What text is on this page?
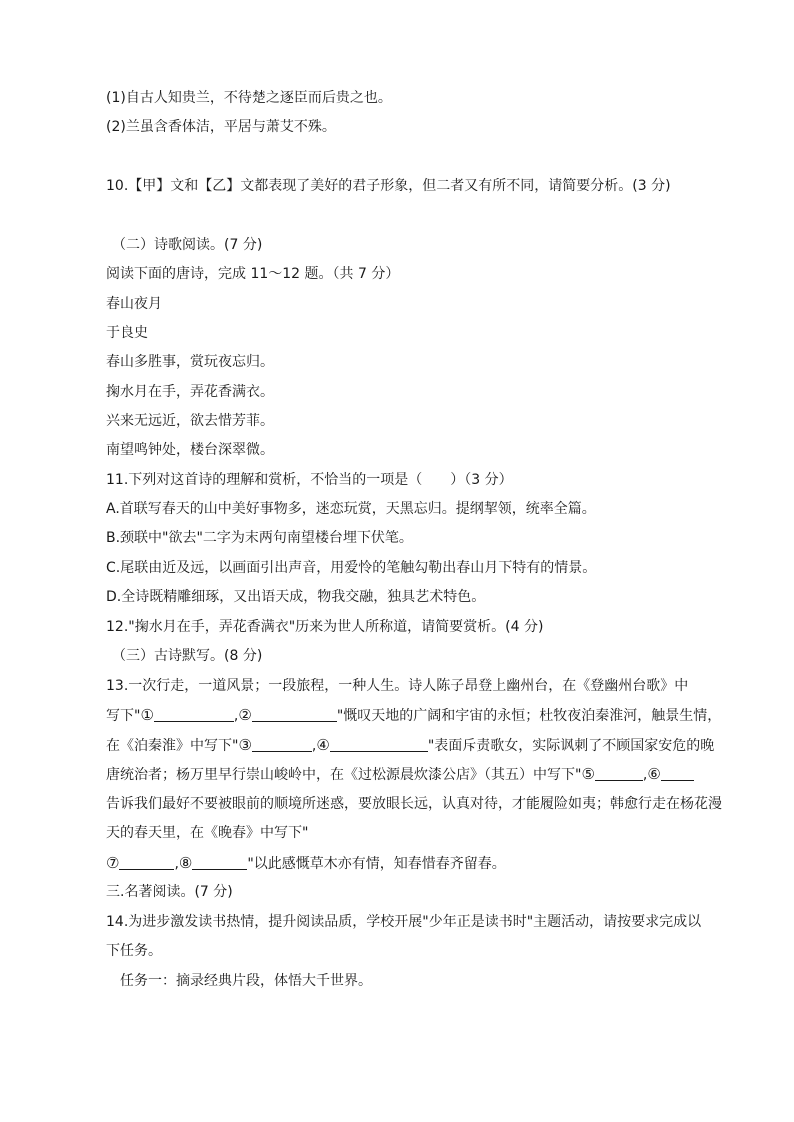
(1)自古人知贵兰，不待楚之逐臣而后贵之也。
(2)兰虽含香体洁，平居与萧艾不殊。
10.【甲】文和【乙】文都表现了美好的君子形象，但二者又有所不同，请简要分析。(3 分)
（二）诗歌阅读。(7 分)
阅读下面的唐诗，完成 11～12 题。（共 7 分）
春山夜月
于良史
春山多胜事，赏玩夜忘归。
掬水月在手，弄花香满衣。
兴来无远近，欲去惜芳菲。
南望鸣钟处，楼台深翠微。
11.下列对这首诗的理解和赏析，不恰当的一项是（　　）（3 分）
A.首联写春天的山中美好事物多，迷恋玩赏，天黑忘归。提纲挈领，统率全篇。
B.颈联中"欲去"二字为末两句南望楼台埋下伏笔。
C.尾联由近及远，以画面引出声音，用爱怜的笔触勾勒出春山月下特有的情景。
D.全诗既精雕细琢，又出语天成，物我交融，独具艺术特色。
12."掬水月在手，弄花香满衣"历来为世人所称道，请简要赏析。(4 分)
（三）古诗默写。(8 分)
13.一次行走，一道风景；一段旅程，一种人生。诗人陈子昂登上幽州台，在《登幽州台歌》中
写下"①	,②	"慨叹天地的广阔和宇宙的永恒；杜牧夜泊秦淮河，触景生情，
在《泊秦淮》中写下"③	,④	"表面斥责歌女，实际讽刺了不顾国家安危的晚
唐统治者；杨万里早行崇山峻岭中，在《过松源晨炊漆公店》（其五）中写下"⑤	,⑥
告诉我们最好不要被眼前的顺境所迷惑，要放眼长远，认真对待，才能履险如夷；韩愈行走在杨花漫
天的春天里，在《晚春》中写下"
⑦	,⑧	"以此感慨草木亦有情，知春惜春齐留春。
三.名著阅读。(7 分)
14.为进步激发读书热情，提升阅读品质，学校开展"少年正是读书时"主题活动，请按要求完成以
下任务。
任务一：摘录经典片段，体悟大千世界。
